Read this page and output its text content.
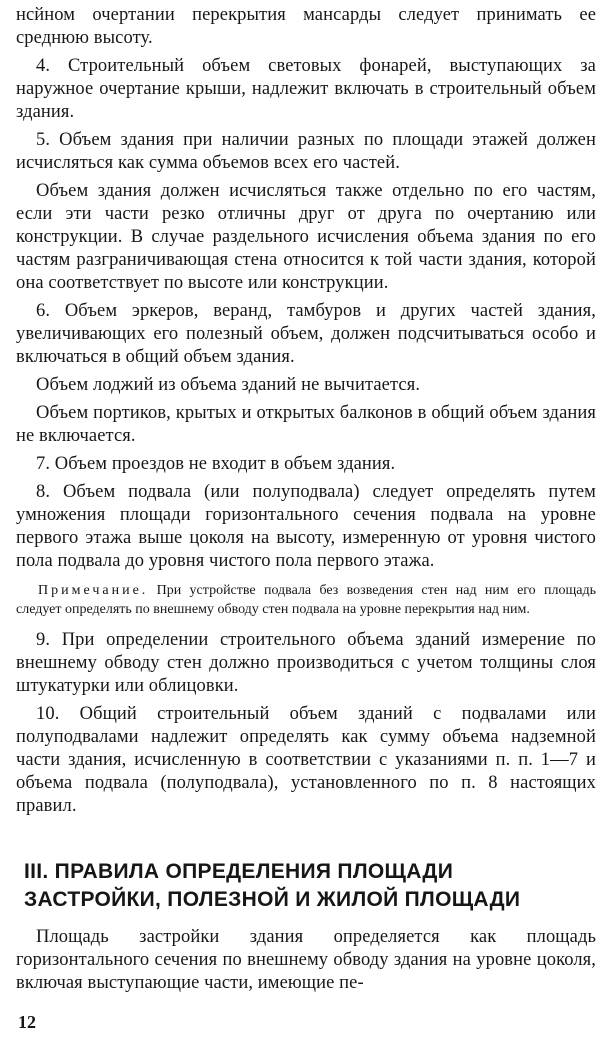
нсйном очертании перекрытия мансарды следует принимать ее среднюю высоту.

4. Строительный объем световых фонарей, выступающих за наружное очертание крыши, надлежит включать в строительный объем здания.

5. Объем здания при наличии разных по площади этажей должен исчисляться как сумма объемов всех его частей.

Объем здания должен исчисляться также отдельно по его частям, если эти части резко отличны друг от друга по очертанию или конструкции. В случае раздельного исчисления объема здания по его частям разграничивающая стена относится к той части здания, которой она соответствует по высоте или конструкции.

6. Объем эркеров, веранд, тамбуров и других частей здания, увеличивающих его полезный объем, должен подсчитываться особо и включаться в общий объем здания.

Объем лоджий из объема зданий не вычитается.

Объем портиков, крытых и открытых балконов в общий объем здания не включается.

7. Объем проездов не входит в объем здания.

8. Объем подвала (или полуподвала) следует определять путем умножения площади горизонтального сечения подвала на уровне первого этажа выше цоколя на высоту, измеренную от уровня чистого пола подвала до уровня чистого пола первого этажа.

Примечание. При устройстве подвала без возведения стен над ним его площадь следует определять по внешнему обводу стен подвала на уровне перекрытия над ним.

9. При определении строительного объема зданий измерение по внешнему обводу стен должно производиться с учетом толщины слоя штукатурки или облицовки.

10. Общий строительный объем зданий с подвалами или полуподвалами надлежит определять как сумму объема надземной части здания, исчисленную в соответствии с указаниями п. п. 1—7 и объема подвала (полуподвала), установленного по п. 8 настоящих правил.

III. ПРАВИЛА ОПРЕДЕЛЕНИЯ ПЛОЩАДИ
ЗАСТРОЙКИ, ПОЛЕЗНОЙ И ЖИЛОЙ ПЛОЩАДИ

Площадь застройки здания определяется как площадь горизонтального сечения по внешнему обводу здания на уровне цоколя, включая выступающие части, имеющие пе-

12
